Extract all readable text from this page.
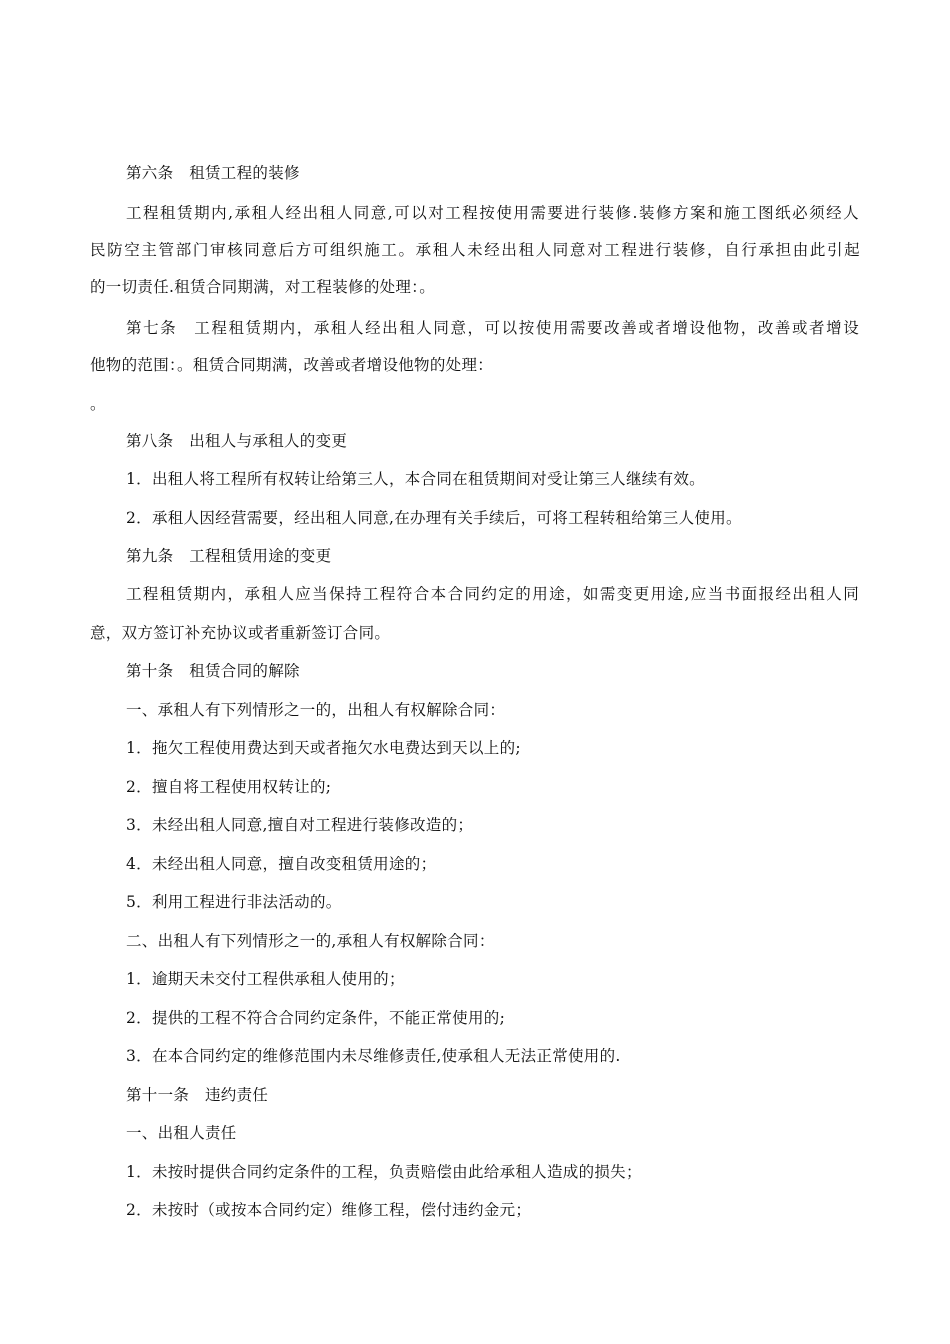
第六条　租赁工程的装修
工程租赁期内,承租人经出租人同意,可以对工程按使用需要进行装修.装修方案和施工图纸必须经人
民防空主管部门审核同意后方可组织施工。承租人未经出租人同意对工程进行装修，自行承担由此引起
的一切责任.租赁合同期满，对工程装修的处理：。
第七条　工程租赁期内，承租人经出租人同意，可以按使用需要改善或者增设他物，改善或者增设
他物的范围：。租赁合同期满，改善或者增设他物的处理：
。
第八条　出租人与承租人的变更
1．出租人将工程所有权转让给第三人，本合同在租赁期间对受让第三人继续有效。
2．承租人因经营需要，经出租人同意,在办理有关手续后，可将工程转租给第三人使用。
第九条　工程租赁用途的变更
工程租赁期内，承租人应当保持工程符合本合同约定的用途，如需变更用途,应当书面报经出租人同
意，双方签订补充协议或者重新签订合同。
第十条　租赁合同的解除
一、承租人有下列情形之一的，出租人有权解除合同：
1．拖欠工程使用费达到天或者拖欠水电费达到天以上的;
2．擅自将工程使用权转让的;
3．未经出租人同意,擅自对工程进行装修改造的；
4．未经出租人同意，擅自改变租赁用途的；
5．利用工程进行非法活动的。
二、出租人有下列情形之一的,承租人有权解除合同：
1．逾期天未交付工程供承租人使用的；
2．提供的工程不符合合同约定条件，不能正常使用的;
3．在本合同约定的维修范围内未尽维修责任,使承租人无法正常使用的.
第十一条　违约责任
一、出租人责任
1．未按时提供合同约定条件的工程，负责赔偿由此给承租人造成的损失；
2．未按时（或按本合同约定）维修工程，偿付违约金元；
